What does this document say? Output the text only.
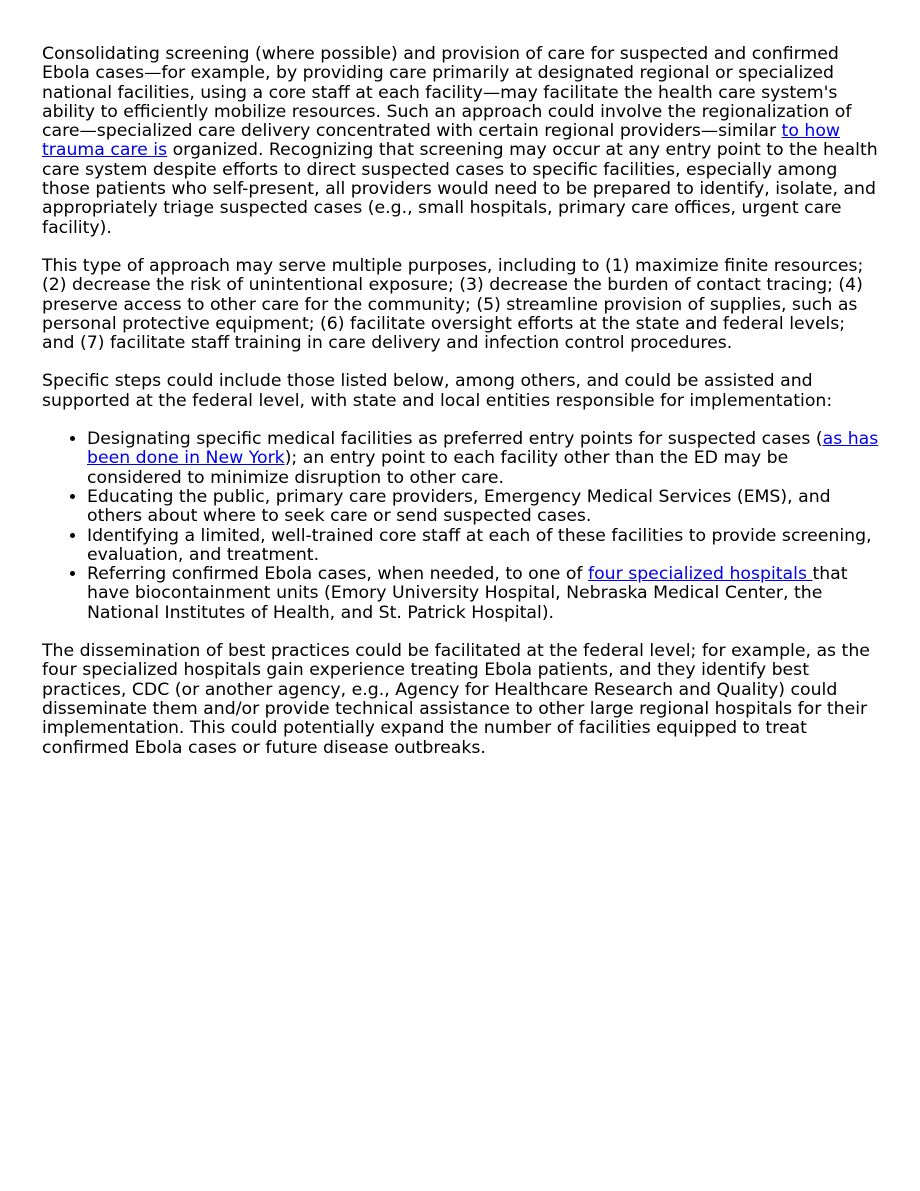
Consolidating screening (where possible) and provision of care for suspected and confirmed Ebola cases—for example, by providing care primarily at designated regional or specialized national facilities, using a core staff at each facility—may facilitate the health care system's ability to efficiently mobilize resources. Such an approach could involve the regionalization of care—specialized care delivery concentrated with certain regional providers—similar to how trauma care is organized. Recognizing that screening may occur at any entry point to the health care system despite efforts to direct suspected cases to specific facilities, especially among those patients who self-present, all providers would need to be prepared to identify, isolate, and appropriately triage suspected cases (e.g., small hospitals, primary care offices, urgent care facility).

This type of approach may serve multiple purposes, including to (1) maximize finite resources; (2) decrease the risk of unintentional exposure; (3) decrease the burden of contact tracing; (4) preserve access to other care for the community; (5) streamline provision of supplies, such as personal protective equipment; (6) facilitate oversight efforts at the state and federal levels; and (7) facilitate staff training in care delivery and infection control procedures.

Specific steps could include those listed below, among others, and could be assisted and supported at the federal level, with state and local entities responsible for implementation:

• Designating specific medical facilities as preferred entry points for suspected cases (as has been done in New York); an entry point to each facility other than the ED may be considered to minimize disruption to other care.
• Educating the public, primary care providers, Emergency Medical Services (EMS), and others about where to seek care or send suspected cases.
• Identifying a limited, well-trained core staff at each of these facilities to provide screening, evaluation, and treatment.
• Referring confirmed Ebola cases, when needed, to one of four specialized hospitals that have biocontainment units (Emory University Hospital, Nebraska Medical Center, the National Institutes of Health, and St. Patrick Hospital).

The dissemination of best practices could be facilitated at the federal level; for example, as the four specialized hospitals gain experience treating Ebola patients, and they identify best practices, CDC (or another agency, e.g., Agency for Healthcare Research and Quality) could disseminate them and/or provide technical assistance to other large regional hospitals for their implementation. This could potentially expand the number of facilities equipped to treat confirmed Ebola cases or future disease outbreaks.
